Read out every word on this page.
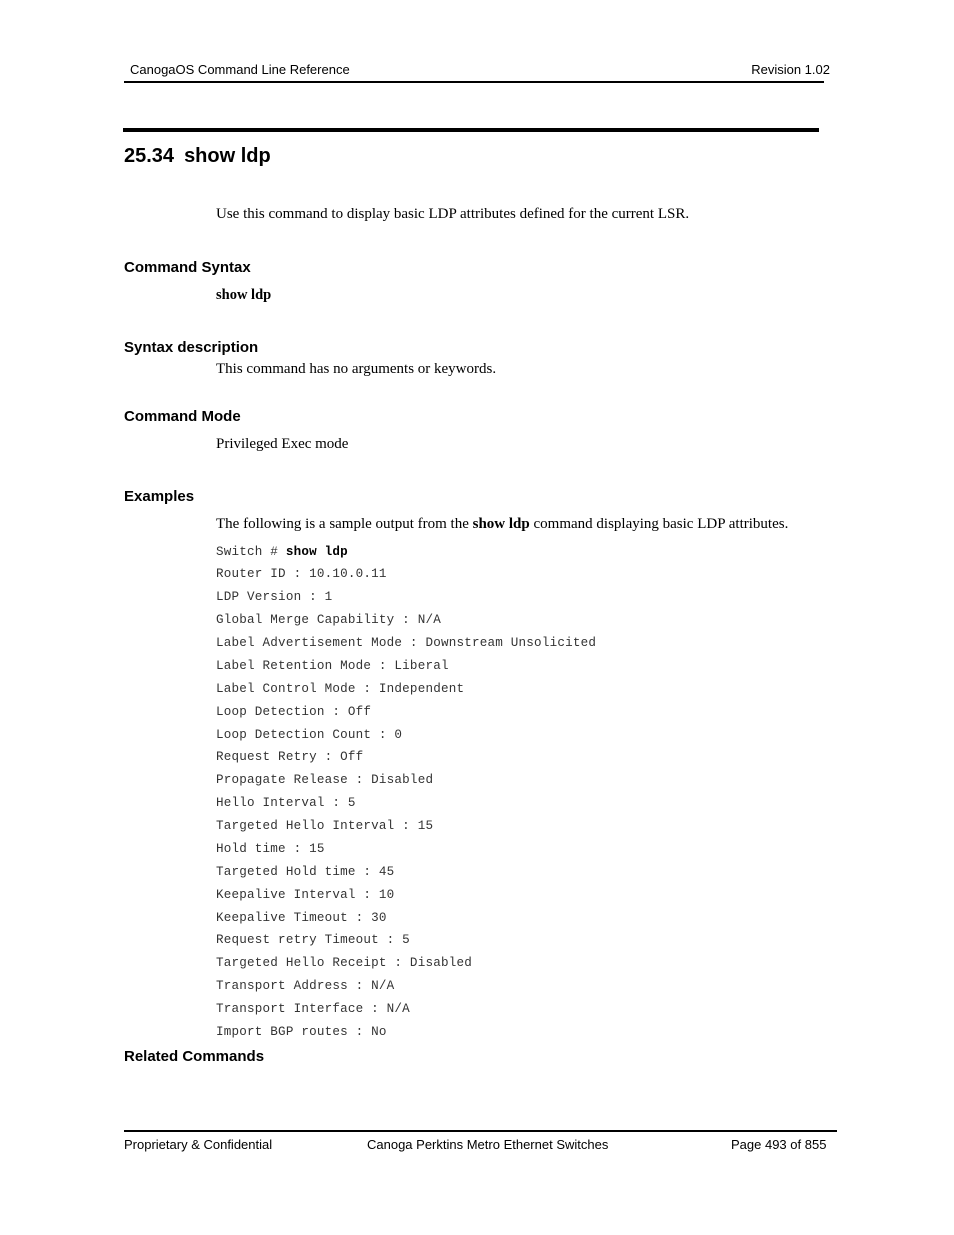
CanogaOS Command Line Reference	Revision 1.02
25.34 show ldp
Use this command to display basic LDP attributes defined for the current LSR.
Command Syntax
show ldp
Syntax description
This command has no arguments or keywords.
Command Mode
Privileged Exec mode
Examples
The following is a sample output from the show ldp command displaying basic LDP attributes.
Switch # show ldp
Router ID : 10.10.0.11
LDP Version : 1
Global Merge Capability : N/A
Label Advertisement Mode : Downstream Unsolicited
Label Retention Mode : Liberal
Label Control Mode : Independent
Loop Detection : Off
Loop Detection Count : 0
Request Retry : Off
Propagate Release : Disabled
Hello Interval : 5
Targeted Hello Interval : 15
Hold time : 15
Targeted Hold time : 45
Keepalive Interval : 10
Keepalive Timeout : 30
Request retry Timeout : 5
Targeted Hello Receipt : Disabled
Transport Address : N/A
Transport Interface : N/A
Import BGP routes : No
Related Commands
Proprietary & Confidential	Canoga Perktins Metro Ethernet Switches	Page 493 of 855
